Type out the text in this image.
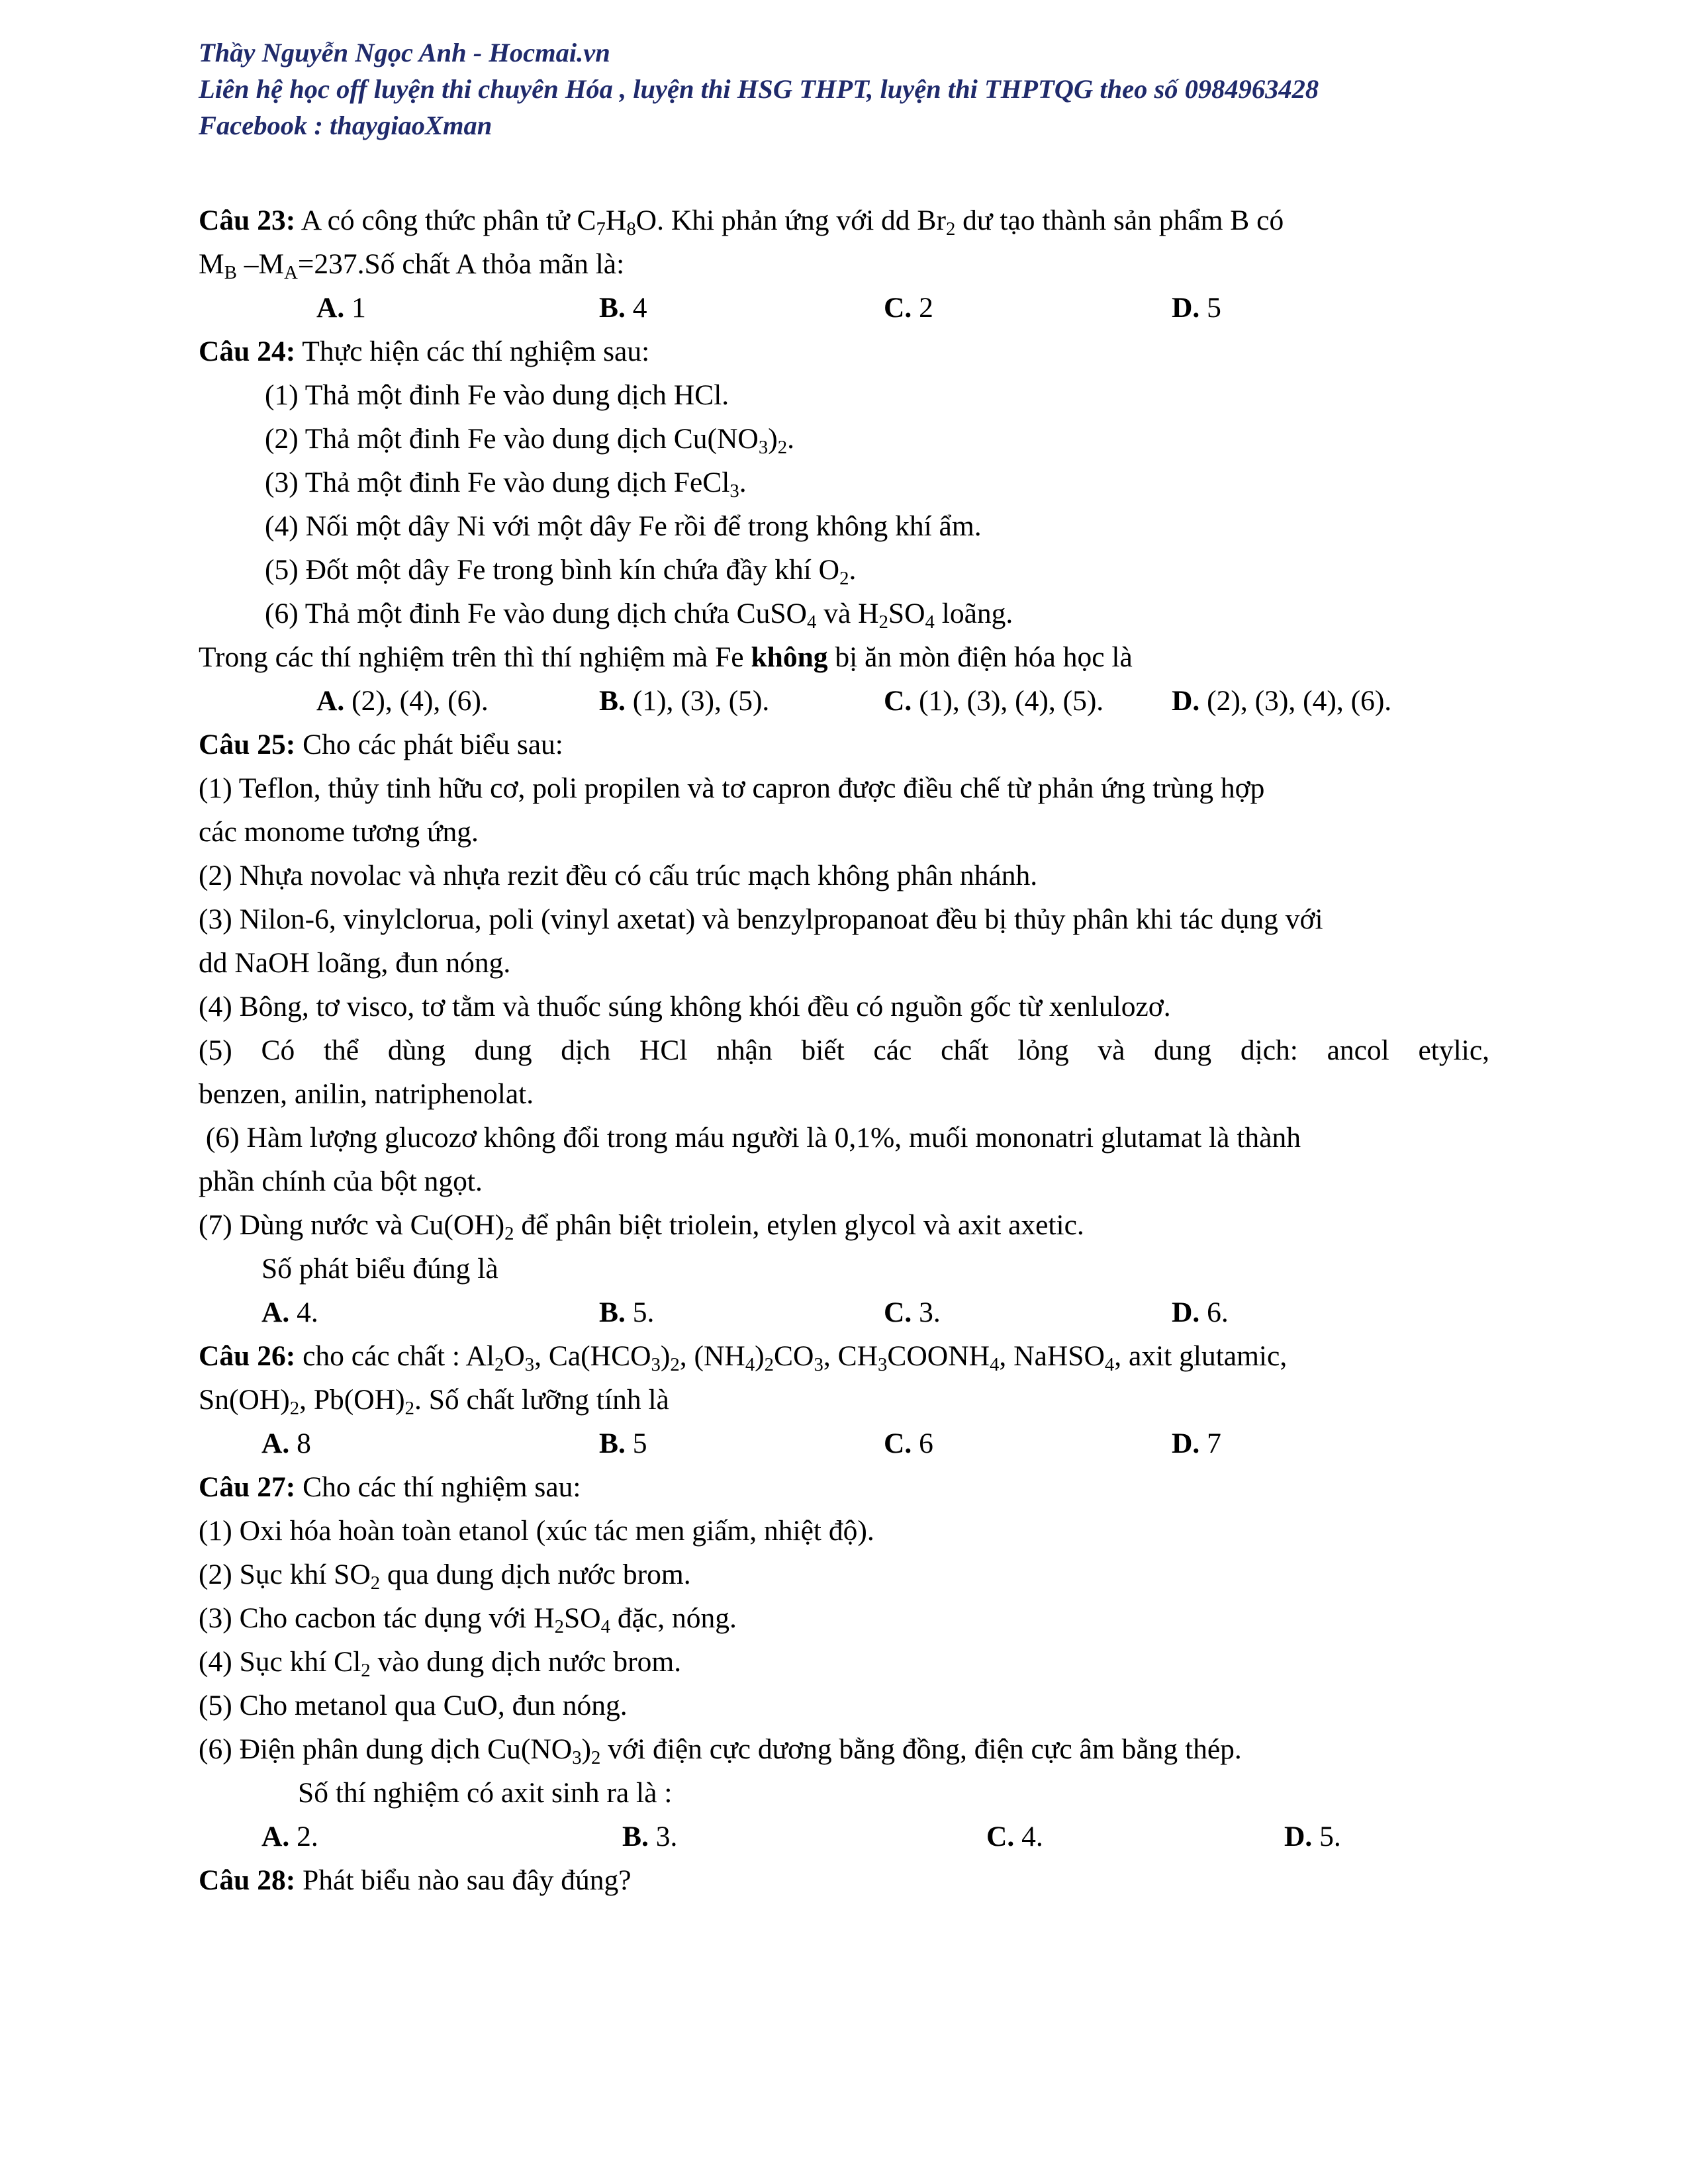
Thầy Nguyễn Ngọc Anh - Hocmai.vn
Liên hệ học off luyện thi chuyên Hóa , luyện thi HSG THPT, luyện thi THPTQG theo số 0984963428
Facebook : thaygiaoXman
Câu 23: A có công thức phân tử $C_7H_8O$. Khi phản ứng với dd $Br_2$ dư tạo thành sản phẩm B có
$M_B$ $-M_A=237.Số$ chất A thỏa mãn là:
A. 1	B. 4	C. 2	D. 5
Câu 24: Thực hiện các thí nghiệm sau:
(1) Thả một đinh Fe vào dung dịch HCl.
(2) Thả một đinh Fe vào dung dịch $Cu(NO_3)_2$.
(3) Thả một đinh Fe vào dung dịch FeCl$_3$.
(4) Nối một dây Ni với một dây Fe rồi để trong không khí ẩm.
(5) Đốt một dây Fe trong bình kín chứa đầy khí $O_2$.
(6) Thả một đinh Fe vào dung dịch chứa CuSO$_4$ và $H_2SO_4$ loãng.
Trong các thí nghiệm trên thì thí nghiệm mà Fe không bị ăn mòn điện hóa học là
A. (2), (4), (6).	B. (1), (3), (5).	C. (1), (3), (4), (5). D. (2), (3), (4), (6).
Câu 25: Cho các phát biểu sau:
(1) Teflon, thủy tinh hữu cơ, poli propilen và tơ capron được điều chế từ phản ứng trùng hợp
các monome tương ứng.
(2) Nhựa novolac và nhựa rezit đều có cấu trúc mạch không phân nhánh.
(3) Nilon-6, vinylclorua, poli (vinyl axetat) và benzylpropanoat đều bị thủy phân khi tác dụng với
dd NaOH loãng, đun nóng.
(4) Bông, tơ visco, tơ tằm và thuốc súng không khói đều có nguồn gốc từ xenlulozơ.
(5) Có thể dùng dung dịch HCl nhận biết các chất lỏng và dung dịch: ancol etylic,
benzen, anilin, natriphenolat.
(6) Hàm lượng glucozơ không đổi trong máu người là 0,1%, muối mononatri glutamat là thành
phần chính của bột ngọt.
(7) Dùng nước và $Cu(OH)_2$ để phân biệt triolein, etylen glycol và axit axetic.
Số phát biểu đúng là
A. 4.	B. 5.	C. 3.	D. 6.
Câu 26: cho các chất : $Al_2O_3$, $Ca(HCO_3)_2$, $(NH_4)_2CO_3$, $CH_3COONH_4$, NaHSO$_4$, axit glutamic,
$Sn(OH)_2$, $Pb(OH)_2$. Số chất lưỡng tính là
A. 8	B. 5	C. 6	D. 7
Câu 27: Cho các thí nghiệm sau:
(1) Oxi hóa hoàn toàn etanol (xúc tác men giấm, nhiệt độ).
(2) Sục khí $SO_2$ qua dung dịch nước brom.
(3) Cho cacbon tác dụng với $H_2SO_4$ đặc, nóng.
(4) Sục khí $Cl_2$ vào dung dịch nước brom.
(5) Cho metanol qua CuO, đun nóng.
(6) Điện phân dung dịch $Cu(NO_3)_2$ với điện cực dương bằng đồng, điện cực âm bằng thép.
Số thí nghiệm có axit sinh ra là :
A. 2.	B. 3.	C. 4.	D. 5.
Câu 28: Phát biểu nào sau đây đúng?
